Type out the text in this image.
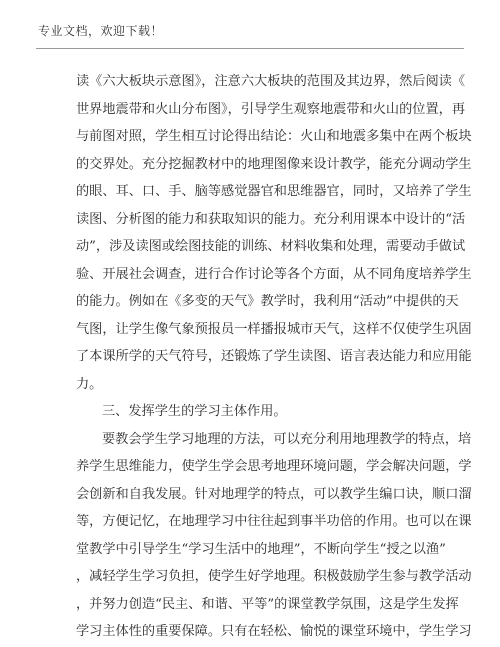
专业文档，欢迎下载！
读《六大板块示意图》，注意六大板块的范围及其边界，然后阅读《
世界地震带和火山分布图》，引导学生观察地震带和火山的位置，再
与前图对照，学生相互讨论得出结论：火山和地震多集中在两个板块
的交界处。充分挖掘教材中的地理图像来设计教学，能充分调动学生
的眼、耳、口、手、脑等感觉器官和思维器官，同时，又培养了学生
读图、分析图的能力和获取知识的能力。充分利用课本中设计的“活
动”，涉及读图或绘图技能的训练、材料收集和处理，需要动手做试
验、开展社会调查，进行合作讨论等各个方面，从不同角度培养学生
的能力。例如在《多变的天气》教学时，我利用“活动”中提供的天
气图，让学生像气象预报员一样播报城市天气，这样不仅使学生巩固
了本课所学的天气符号，还锻炼了学生读图、语言表达能力和应用能
力。
三、发挥学生的学习主体作用。
要教会学生学习地理的方法，可以充分利用地理教学的特点，培
养学生思维能力，使学生学会思考地理环境问题，学会解决问题，学
会创新和自我发展。针对地理学的特点，可以教学生编口诀，顺口溜
等，方便记忆，在地理学习中往往起到事半功倍的作用。也可以在课
堂教学中引导学生“学习生活中的地理”，不断向学生“授之以渔”
，减轻学生学习负担，使学生好学地理。积极鼓励学生参与教学活动
，并努力创造“民主、和谐、平等”的课堂教学氛围，这是学生发挥
学习主体性的重要保障。只有在轻松、愉悦的课堂环境中，学生学习
